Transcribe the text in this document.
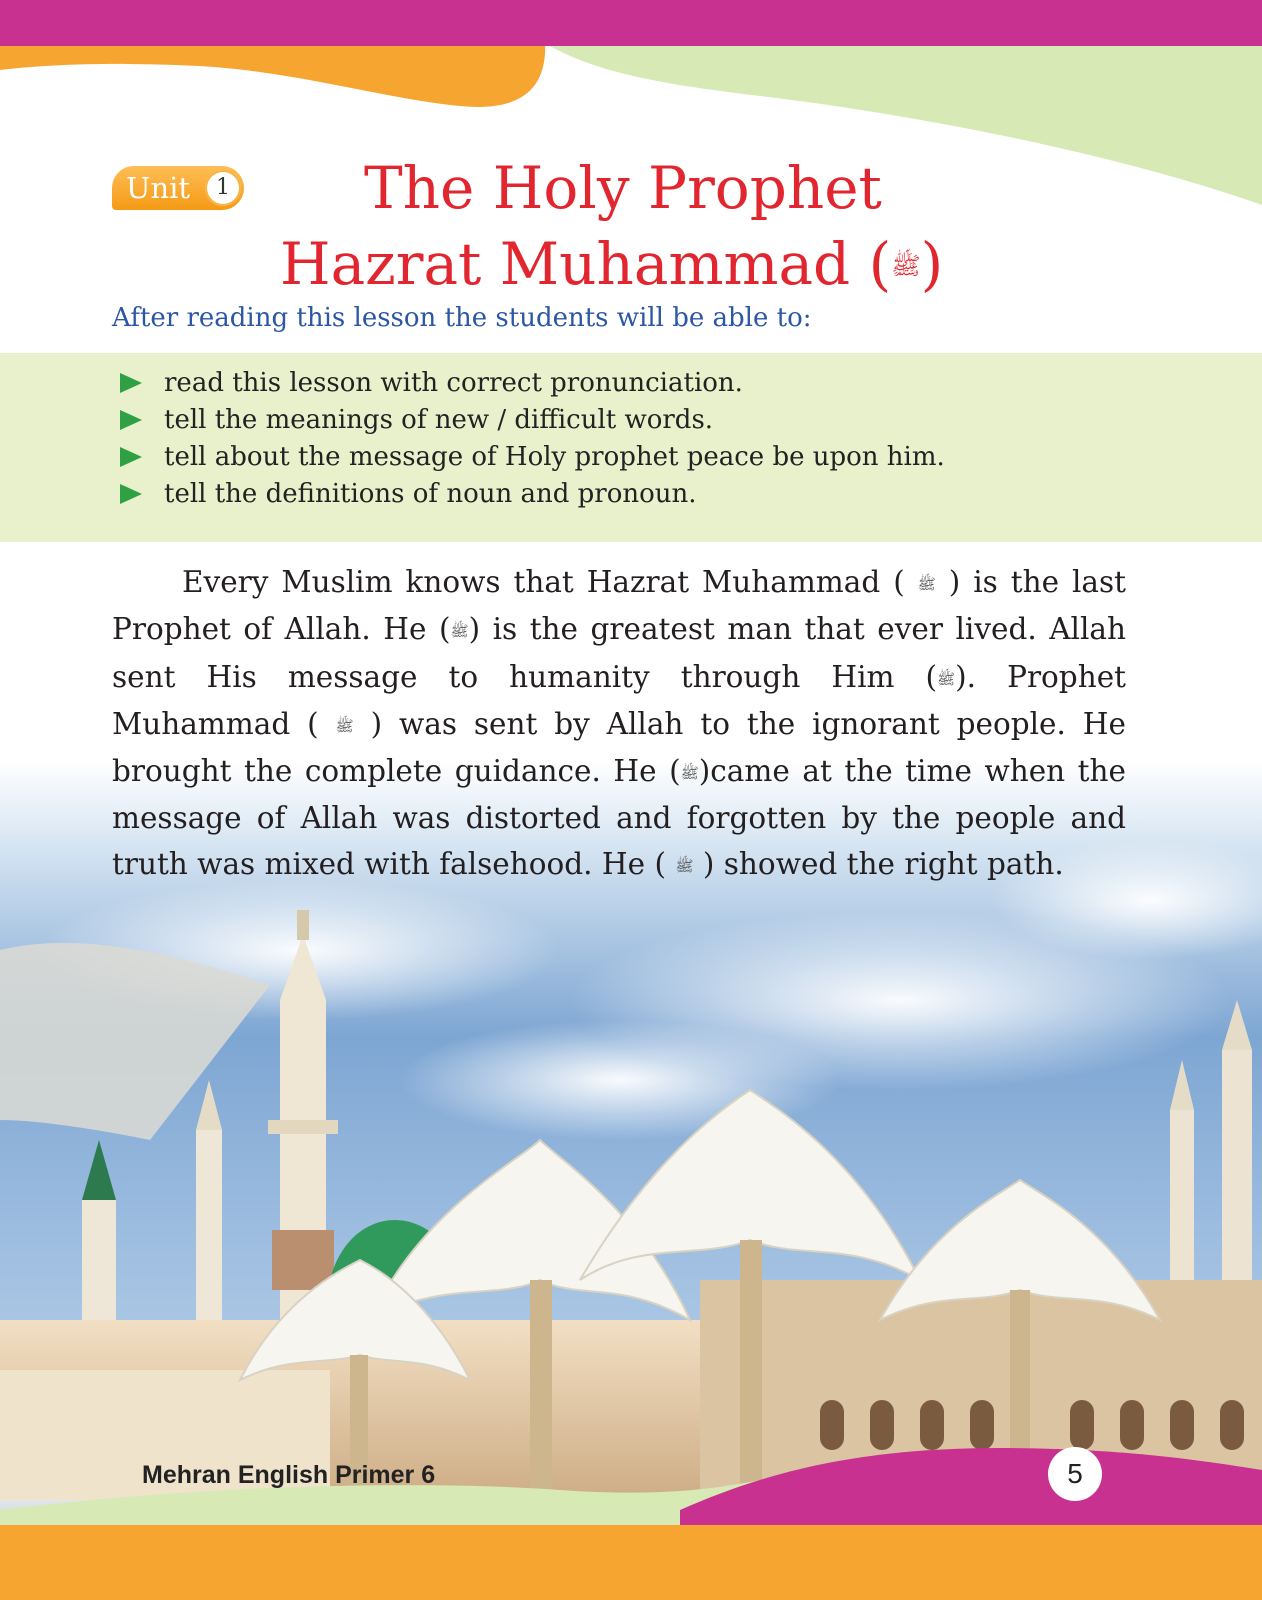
Unit	1 The Holy Prophet
Hazrat Muhammad (ﷺ)
After reading this lesson the students will be able to:
read this lesson with correct pronunciation.
tell the meanings of new / difficult words.
tell about the message of Holy prophet peace be upon him.
tell the definitions of noun and pronoun.

Every Muslim knows that Hazrat Muhammad ( ﷺ ) is the last Prophet of Allah. He (ﷺ) is the greatest man that ever lived. Allah sent His message to humanity through Him (ﷺ). Prophet Muhammad ( ﷺ ) was sent by Allah to the ignorant people. He brought the complete guidance. He (ﷺ)came at the time when the message of Allah was distorted and forgotten by the people and truth was mixed with falsehood. He ( ﷺ ) showed the right path.

Mehran English Primer 6	5
